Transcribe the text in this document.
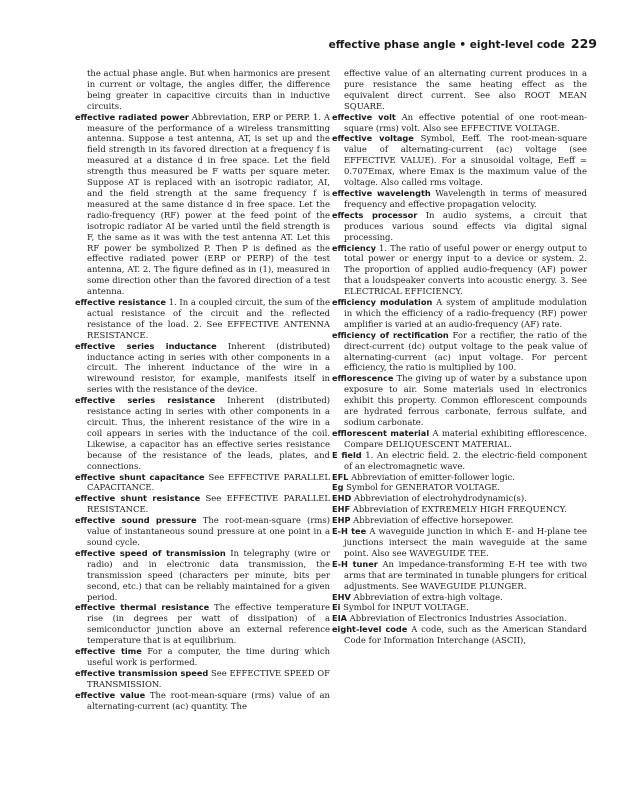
effective phase angle • eight-level code 229

the actual phase angle. But when harmonics are present in current or voltage, the angles differ, the difference being greater in capacitive circuits than in inductive circuits.

effective radiated power Abbreviation, ERP or PERP. 1. A measure of the performance of a wireless transmitting antenna. Suppose a test antenna, AT, is set up and the field strength in its favored direction at a frequency f is measured at a distance d in free space. Let the field strength thus measured be F watts per square meter. Suppose AT is replaced with an isotropic radiator, AI, and the field strength at the same frequency f is measured at the same distance d in free space. Let the radio-frequency (RF) power at the feed point of the isotropic radiator AI be varied until the field strength is F, the same as it was with the test antenna AT. Let this RF power be symbolized P. Then P is defined as the effective radiated power (ERP or PERP) of the test antenna, AT. 2. The figure defined as in (1), measured in some direction other than the favored direction of a test antenna.

effective resistance 1. In a coupled circuit, the sum of the actual resistance of the circuit and the reflected resistance of the load. 2. See EFFECTIVE ANTENNA RESISTANCE.

effective series inductance Inherent (distributed) inductance acting in series with other components in a circuit. The inherent inductance of the wire in a wirewound resistor, for example, manifests itself in series with the resistance of the device.

effective series resistance Inherent (distributed) resistance acting in series with other components in a circuit. Thus, the inherent resistance of the wire in a coil appears in series with the inductance of the coil. Likewise, a capacitor has an effective series resistance because of the resistance of the leads, plates, and connections.

effective shunt capacitance See EFFECTIVE PARALLEL CAPACITANCE.

effective shunt resistance See EFFECTIVE PARALLEL RESISTANCE.

effective sound pressure The root-mean-square (rms) value of instantaneous sound pressure at one point in a sound cycle.

effective speed of transmission In telegraphy (wire or radio) and in electronic data transmission, the transmission speed (characters per minute, bits per second, etc.) that can be reliably maintained for a given period.

effective thermal resistance The effective temperature rise (in degrees per watt of dissipation) of a semiconductor junction above an external reference temperature that is at equilibrium.

effective time For a computer, the time during which useful work is performed.

effective transmission speed See EFFECTIVE SPEED OF TRANSMISSION.

effective value The root-mean-square (rms) value of an alternating-current (ac) quantity. The

effective value of an alternating current produces in a pure resistance the same heating effect as the equivalent direct current. See also ROOT MEAN SQUARE.

effective volt An effective potential of one root-mean-square (rms) volt. Also see EFFECTIVE VOLTAGE.

effective voltage Symbol, Eeff. The root-mean-square value of alternating-current (ac) voltage (see EFFECTIVE VALUE). For a sinusoidal voltage, Eeff = 0.707Emax, where Emax is the maximum value of the voltage. Also called rms voltage.

effective wavelength Wavelength in terms of measured frequency and effective propagation velocity.

effects processor In audio systems, a circuit that produces various sound effects via digital signal processing.

efficiency 1. The ratio of useful power or energy output to total power or energy input to a device or system. 2. The proportion of applied audio-frequency (AF) power that a loudspeaker converts into acoustic energy. 3. See ELECTRICAL EFFICIENCY.

efficiency modulation A system of amplitude modulation in which the efficiency of a radio-frequency (RF) power amplifier is varied at an audio-frequency (AF) rate.

efficiency of rectification For a rectifier, the ratio of the direct-current (dc) output voltage to the peak value of alternating-current (ac) input voltage. For percent efficiency, the ratio is multiplied by 100.

efflorescence The giving up of water by a substance upon exposure to air. Some materials used in electronics exhibit this property. Common efflorescent compounds are hydrated ferrous carbonate, ferrous sulfate, and sodium carbonate.

efflorescent material A material exhibiting efflorescence. Compare DELIQUESCENT MATERIAL.

E field 1. An electric field. 2. the electric-field component of an electromagnetic wave.

EFL Abbreviation of emitter-follower logic.

Eg Symbol for GENERATOR VOLTAGE.

EHD Abbreviation of electrohydrodynamic(s).

EHF Abbreviation of EXTREMELY HIGH FREQUENCY.

EHP Abbreviation of effective horsepower.

E-H tee A waveguide junction in which E- and H-plane tee junctions intersect the main waveguide at the same point. Also see WAVEGUIDE TEE.

E-H tuner An impedance-transforming E-H tee with two arms that are terminated in tunable plungers for critical adjustments. See WAVEGUIDE PLUNGER.

EHV Abbreviation of extra-high voltage.

Ei Symbol for INPUT VOLTAGE.

EIA Abbreviation of Electronics Industries Association.

eight-level code A code, such as the American Standard Code for Information Interchange (ASCII),
